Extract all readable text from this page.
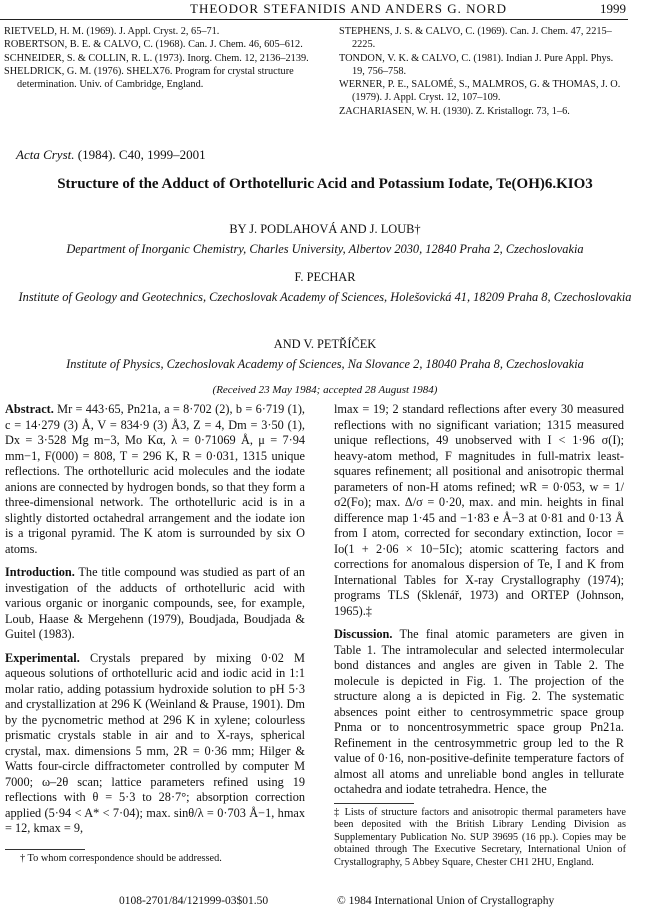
THEODOR STEFANIDIS AND ANDERS G. NORD	1999
RIETVELD, H. M. (1969). J. Appl. Cryst. 2, 65–71.
ROBERTSON, B. E. & CALVO, C. (1968). Can. J. Chem. 46, 605–612.
SCHNEIDER, S. & COLLIN, R. L. (1973). Inorg. Chem. 12, 2136–2139.
SHELDRICK, G. M. (1976). SHELX76. Program for crystal structure determination. Univ. of Cambridge, England.
STEPHENS, J. S. & CALVO, C. (1969). Can. J. Chem. 47, 2215–2225.
TONDON, V. K. & CALVO, C. (1981). Indian J. Pure Appl. Phys. 19, 756–758.
WERNER, P. E., SALOMÉ, S., MALMROS, G. & THOMAS, J. O. (1979). J. Appl. Cryst. 12, 107–109.
ZACHARIASEN, W. H. (1930). Z. Kristallogr. 73, 1–6.
Acta Cryst. (1984). C40, 1999–2001
Structure of the Adduct of Orthotelluric Acid and Potassium Iodate, Te(OH)6.KIO3
BY J. PODLAHOVÁ AND J. LOUB†
Department of Inorganic Chemistry, Charles University, Albertov 2030, 12840 Praha 2, Czechoslovakia
F. PECHAR
Institute of Geology and Geotechnics, Czechoslovak Academy of Sciences, Holešovická 41, 18209 Praha 8, Czechoslovakia
AND V. PETŘÍČEK
Institute of Physics, Czechoslovak Academy of Sciences, Na Slovance 2, 18040 Praha 8, Czechoslovakia
(Received 23 May 1984; accepted 28 August 1984)

Abstract. Mr = 443·65, Pn21a, a = 8·702 (2), b = 6·719 (1), c = 14·279 (3) Å, V = 834·9 (3) Å3, Z = 4, Dm = 3·50 (1), Dx = 3·528 Mg m−3, Mo Kα, λ = 0·71069 Å, μ = 7·94 mm−1, F(000) = 808, T = 296 K, R = 0·031, 1315 unique reflections. The orthotelluric acid molecules and the iodate anions are connected by hydrogen bonds, so that they form a three-dimensional network. The orthotelluric acid is in a slightly distorted octahedral arrangement and the iodate ion is a trigonal pyramid. The K atom is surrounded by six O atoms.

Introduction. The title compound was studied as part of an investigation of the adducts of orthotelluric acid with various organic or inorganic compounds, see, for example, Loub, Haase & Mergehenn (1979), Boudjada, Boudjada & Guitel (1983).

Experimental. Crystals prepared by mixing 0·02 M aqueous solutions of orthotelluric acid and iodic acid in 1:1 molar ratio, adding potassium hydroxide solution to pH 5·3 and crystallization at 296 K (Weinland & Prause, 1901). Dm by the pycnometric method at 296 K in xylene; colourless prismatic crystals stable in air and to X-rays, spherical crystal, max. dimensions 5 mm, 2R = 0·36 mm; Hilger & Watts four-circle diffractometer controlled by computer M 7000; ω–2θ scan; lattice parameters refined using 19 reflections with θ = 5·3 to 28·7°; absorption correction applied (5·94 < A* < 7·04); max. sinθ/λ = 0·703 Å−1, hmax = 12, kmax = 9,

lmax = 19; 2 standard reflections after every 30 measured reflections with no significant variation; 1315 measured unique reflections, 49 unobserved with I < 1·96 σ(I); heavy-atom method, F magnitudes in full-matrix least-squares refinement; all positional and anisotropic thermal parameters of non-H atoms refined; wR = 0·053, w = 1/σ2(Fo); max. Δ/σ = 0·20, max. and min. heights in final difference map 1·45 and −1·83 e Å−3 at 0·81 and 0·13 Å from I atom, corrected for secondary extinction, Iocor = Io(1 + 2·06 × 10−5Ic); atomic scattering factors and corrections for anomalous dispersion of Te, I and K from International Tables for X-ray Crystallography (1974); programs TLS (Sklenář, 1973) and ORTEP (Johnson, 1965).‡

Discussion. The final atomic parameters are given in Table 1. The intramolecular and selected intermolecular bond distances and angles are given in Table 2. The molecule is depicted in Fig. 1. The projection of the structure along a is depicted in Fig. 2. The systematic absences point either to centrosymmetric space group Pnma or to noncentrosymmetric space group Pn21a. Refinement in the centrosymmetric group led to the R value of 0·16, non-positive-definite temperature factors of almost all atoms and unreliable bond angles in tellurate octahedra and iodate tetrahedra. Hence, the

† To whom correspondence should be addressed.
‡ Lists of structure factors and anisotropic thermal parameters have been deposited with the British Library Lending Division as Supplementary Publication No. SUP 39695 (16 pp.). Copies may be obtained through The Executive Secretary, International Union of Crystallography, 5 Abbey Square, Chester CH1 2HU, England.
0108-2701/84/121999-03$01.50	© 1984 International Union of Crystallography
